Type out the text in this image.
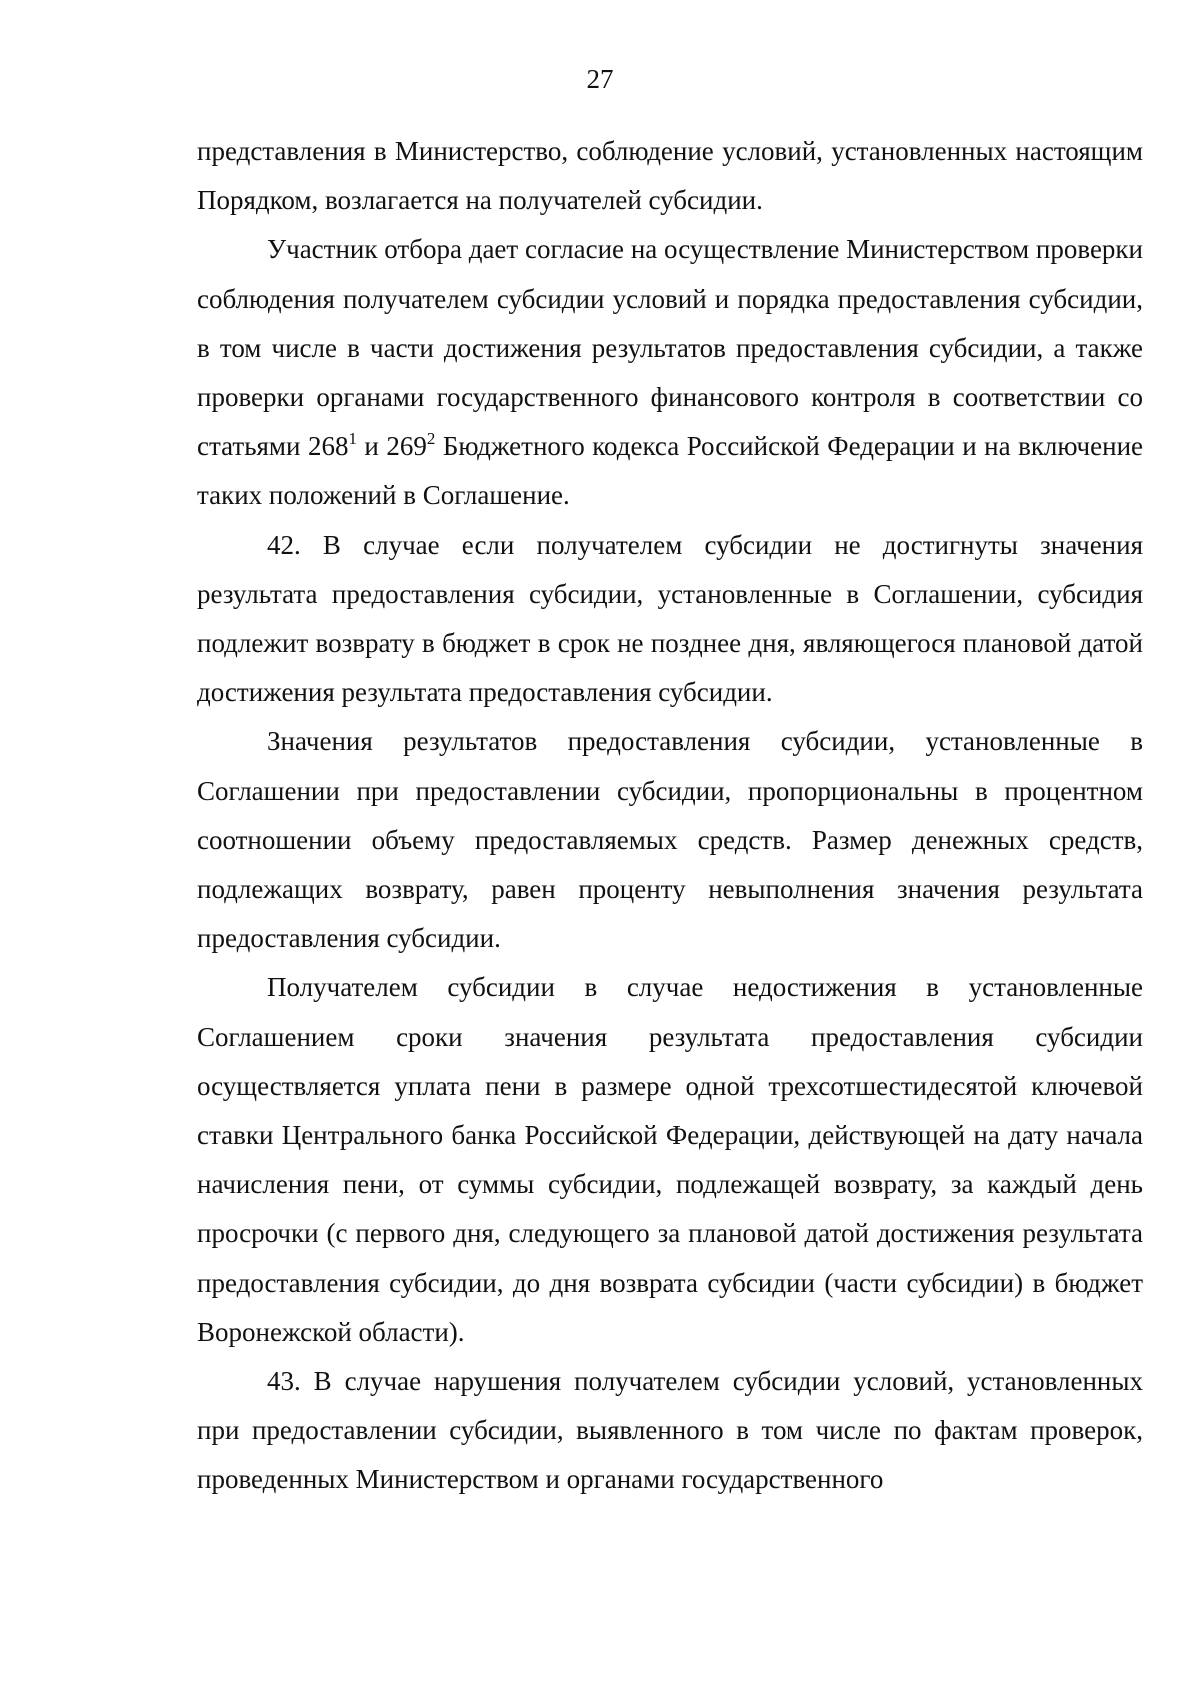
27

представления в Министерство, соблюдение условий, установленных настоящим Порядком, возлагается на получателей субсидии.

Участник отбора дает согласие на осуществление Министерством проверки соблюдения получателем субсидии условий и порядка предоставления субсидии, в том числе в части достижения результатов предоставления субсидии, а также проверки органами государственного финансового контроля в соответствии со статьями $268^1$ и $269^2$ Бюджетного кодекса Российской Федерации и на включение таких положений в Соглашение.

42. В случае если получателем субсидии не достигнуты значения результата предоставления субсидии, установленные в Соглашении, субсидия подлежит возврату в бюджет в срок не позднее дня, являющегося плановой датой достижения результата предоставления субсидии.

Значения результатов предоставления субсидии, установленные в Соглашении при предоставлении субсидии, пропорциональны в процентном соотношении объему предоставляемых средств. Размер денежных средств, подлежащих возврату, равен проценту невыполнения значения результата предоставления субсидии.

Получателем субсидии в случае недостижения в установленные Соглашением сроки значения результата предоставления субсидии осуществляется уплата пени в размере одной трехсотшестидесятой ключевой ставки Центрального банка Российской Федерации, действующей на дату начала начисления пени, от суммы субсидии, подлежащей возврату, за каждый день просрочки (с первого дня, следующего за плановой датой достижения результата предоставления субсидии, до дня возврата субсидии (части субсидии) в бюджет Воронежской области).

43. В случае нарушения получателем субсидии условий, установленных при предоставлении субсидии, выявленного в том числе по фактам проверок, проведенных Министерством и органами государственного
